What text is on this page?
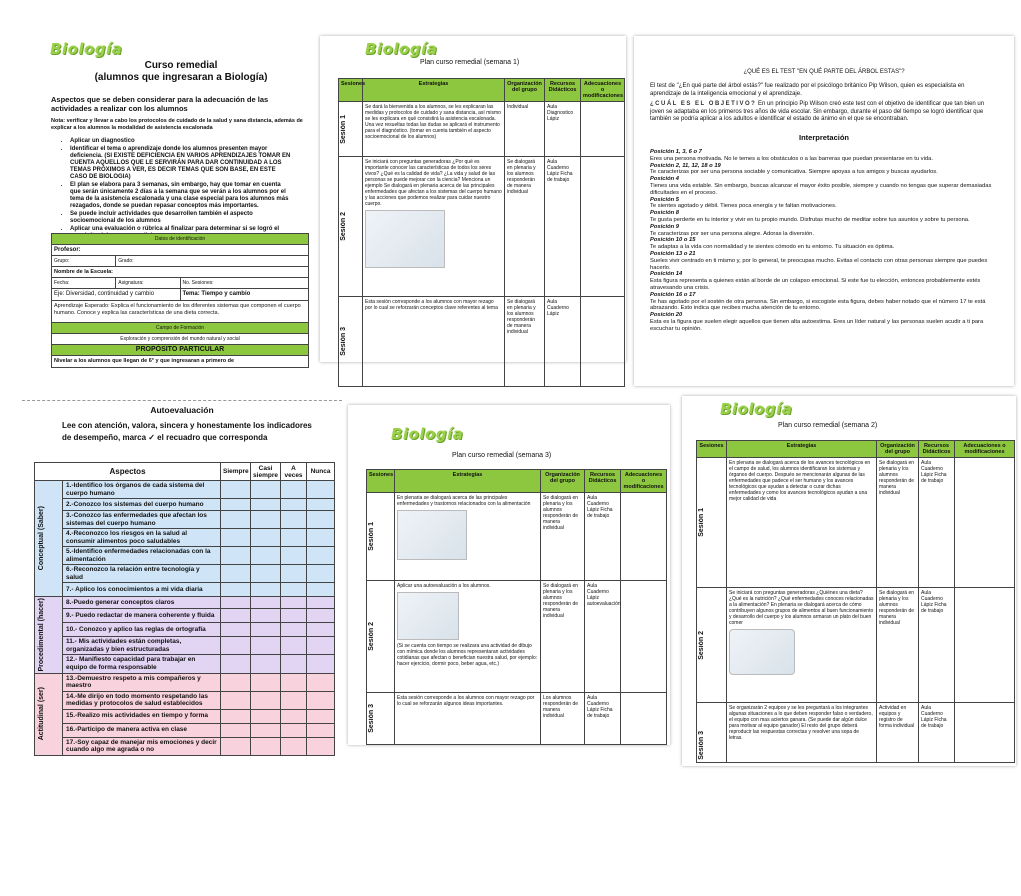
Biología
Curso remedial
(alumnos que ingresaran a Biología)
Aspectos que se deben considerar para la adecuación de las actividades a realizar con los alumnos
Nota: verificar y llevar a cabo los protocolos de cuidado de la salud y sana distancia, además de explicar a los alumnos la modalidad de asistencia escalonada
• Aplicar un diagnostico
• Identificar el tema o aprendizaje donde los alumnos presenten mayor deficiencia. (SI EXISTE DEFICIENCIA EN VARIOS APRENDIZAJES TOMAR EN CUENTA AQUELLOS QUE LE SERVIRÁN PARA DAR CONTINUIDAD A LOS TEMAS PRÓXIMOS A VER, ES DECIR TEMAS QUE SON BASE, EN ESTE CASO DE BIOLOGIA)
• El plan se elabora para 3 semanas, sin embargo, hay que tomar en cuenta que serán únicamente 2 días a la semana que se verán a los alumnos por el tema de la asistencia escalonada y una clase especial para los alumnos más rezagados, donde se puedan repasar conceptos más importantes.
• Se puede incluir actividades que desarrollen también el aspecto socioemocional de los alumnos
• Aplicar una evaluación o rúbrica al finalizar para determinar si se logró el
Datos de identificación		
Profesor:		
Grupo:	Grado:	
Nombre de la Escuela:		
Fecha:	Asignatura:	No. Sesiones:
Eje: Diversidad, continuidad y cambio		Tema: Tiempo y cambio
Aprendizaje Esperado: Explica el funcionamiento de los diferentes sistemas que componen el cuerpo humano. Conoce y explica las características de una dieta correcta.		
Campo de Formación		
Exploración y comprensión del mundo natural y social		
PROPÓSITO PARTICULAR		
Nivelar a los alumnos que llegan de 6° y que ingresaran a primero de		
Biología
Plan curso remedial (semana 1)
Sesiones	Estrategias	Organización del grupo	Recursos Didácticos	Adecuaciones o modificaciones

Sesión 1	Se dará la bienvenida a los alumnos, se les explicaran las medidas y protocolos de cuidado y sana distancia, así mismo se les explicara en qué consistirá la asistencia escalonada. Una vez resueltas todas las dudas se aplicará el instrumento para el diagnóstico. (tomar en cuenta también el aspecto socioemocional de los alumnos)	Individual	Aula Diagnostico Lápiz	

Sesión 2	Se iniciará con preguntas generadoras ¿Por qué es importante conocer las características de todos los seres vivos? ¿Qué es la calidad de vida? ¿La vida y salud de las personas se puede mejorar con la ciencia? Menciona un ejemplo Se dialogará en plenaria acerca de las principales enfermedades que afectan a los sistemas del cuerpo humano y las acciones que podemos realizar para cuidar nuestro cuerpo.	Se dialogará en plenaria y los alumnos responderán de manera individual	Aula Cuaderno Lápiz Ficha de trabajo	

Sesión 3	Esta sesión corresponde a los alumnos con mayor rezago por lo cual se reforzarán conceptos clave referentes al tema	Se dialogará en plenaria y los alumnos responderán de manera individual	Aula Cuaderno Lápiz	
¿QUÉ ES EL TEST "EN QUÉ PARTE DEL ÁRBOL ESTAS"?
El test de "¿En qué parte del árbol estás?" fue realizado por el psicólogo británico Pip Wilson, quien es especialista en aprendizaje de la inteligencia emocional y el aprendizaje.
¿CUÁL ES EL OBJETIVO? En un principio Pip Wilson creó este test con el objetivo de identificar que tan bien un joven se adaptaba en los primeros tres años de vida escolar. Sin embargo, durante el paso del tiempo se logró identificar que también se podría aplicar a los adultos e identificar el estado de ánimo en el que se encontraban.
Interpretación
Posición 1, 3, 6 o 7
Eres una persona motivada. No le temes a los obstáculos o a las barreras que puedan presentarse en tu vida.
Posición 2, 11, 12, 18 o 19
Te caracterizas por ser una persona sociable y comunicativa. Siempre apoyas a tus amigos y buscas ayudarlos.
Posición 4
Tienes una vida estable. Sin embargo, buscas alcanzar el mayor éxito posible, siempre y cuando no tengas que superar demasiadas dificultades en el proceso.
Posición 5
Te sientes agotado y débil. Tienes poca energía y te faltan motivaciones.
Posición 8
Te gusta perderte en tu interior y vivir en tu propio mundo. Disfrutas mucho de meditar sobre tus asuntos y sobre tu persona.
Posición 9
Te caracterizas por ser una persona alegre. Adoras la diversión.
Posición 10 o 15
Te adaptas a la vida con normalidad y te sientes cómodo en tu entorno. Tu situación es óptima.
Posición 13 o 21
Sueles vivir centrado en ti mismo y, por lo general, te preocupas mucho. Evitas el contacto con otras personas siempre que puedes hacerlo.
Posición 14
Esta figura representa a quienes están al borde de un colapso emocional. Si este fue tu elección, entonces probablemente estés atravesando una crisis.
Posición 16 o 17
Te has agotado por el sostén de otra persona. Sin embargo, si escogiste esta figura, debes haber notado que el número 17 te está abrazando. Esto indica que recibes mucha atención de tu entorno.
Posición 20
Esta es la figura que suelen elegir aquellos que tienen alta autoestima. Eres un líder natural y las personas suelen acudir a ti para escuchar tu opinión.
Autoevaluación
Lee con atención, valora, sincera y honestamente los indicadores de desempeño, marca ✓ el recuadro que corresponda
Aspectos		Siempre	Casi siempre	A veces	Nunca

Conceptual (Saber)	1.-Identifico los órganos de cada sistema del cuerpo humano				
	2.-Conozco los sistemas del cuerpo humano				
	3.-Conozco las enfermedades que afectan los sistemas del cuerpo humano				
	4.-Reconozco los riesgos en la salud al consumir alimentos poco saludables				
	5.-Identifico enfermedades relacionadas con la alimentación				
	6.-Reconozco la relación entre tecnología y salud				
	7.- Aplico los conocimientos a mi vida diaria				

Procedimental (hacer)	8.-Puedo generar conceptos claros				
	9.- Puedo redactar de manera coherente y fluida				
	10.- Conozco y aplico las reglas de ortografía				
	11.- Mis actividades están completas, organizadas y bien estructuradas				
	12.- Manifiesto capacidad para trabajar en equipo de forma responsable				

Actitudinal (ser)	13.-Demuestro respeto a mis compañeros y maestro				
	14.-Me dirijo en todo momento respetando las medidas y protocolos de salud establecidos				
	15.-Realizo mis actividades en tiempo y forma				
	16.-Participo de manera activa en clase				
	17.-Soy capaz de manejar mis emociones y decir cuando algo me agrada o no				
Biología
Plan curso remedial (semana 3)
Sesiones	Estrategias	Organización del grupo	Recursos Didácticos	Adecuaciones o modificaciones

Sesión 1	En plenaria se dialogará acerca de las principales enfermedades y trastornos relacionados con la alimentación	Se dialogará en plenaria y los alumnos responderán de manera individual	Aula Cuaderno Lápiz Ficha de trabajo	

Sesión 2	Aplicar una autoevaluación a los alumnos.
(Si se cuenta con tiempo se realizara una actividad de dibujo con mímica donde los alumnos representaran actividades cotidianas que afectan o benefician nuestra salud, por ejemplo: hacer ejercicio, dormir poco, beber agua, etc.)	Se dialogará en plenaria y los alumnos responderán de manera individual	Aula Cuaderno Lápiz autoevaluación	

Sesión 3	Esta sesión corresponde a los alumnos con mayor rezago por lo cual se reforzarán algunos ideas importantes.	Los alumnos responderán de manera individual	Aula Cuaderno Lápiz Ficha de trabajo	
Biología
Plan curso remedial (semana 2)
Sesiones	Estrategias	Organización del grupo	Recursos Didácticos	Adecuaciones o modificaciones

Sesión 1	En plenaria se dialogará acerca de los avances tecnológicos en el campo de salud, los alumnos identificaran los sistemas y órganos del cuerpo. Después se mencionarán algunas de las enfermedades que padece el ser humano y los avances tecnológicos que ayudan a detectar o curar dichas enfermedades y como los avances tecnológicos ayudan a una mejor calidad de vida	Se dialogará en plenaria y los alumnos responderán de manera individual	Aula Cuaderno Lápiz Ficha de trabajo	

Sesión 2	Se iniciará con preguntas generadoras ¿Quiénes una dieta? ¿Qué es la nutrición? ¿Qué enfermedades conoces relacionadas a la alimentación? En plenaria se dialogará acerca de cómo contribuyen algunos grupos de alimentos al buen funcionamiento y desarrollo del cuerpo y los alumnos armaran un plato del buen comer	Se dialogará en plenaria y los alumnos responderán de manera individual	Aula Cuaderno Lápiz Ficha de trabajo	

Sesión 3	Se organizarán 2 equipos y se les preguntará a los integrantes algunas situaciones a lo que deben responder falso o verdadero, el equipo con mas aciertos ganara. (Se puede dar algún dulce para motivar al equipo ganador) El resto del grupo deberá reproducir las respuestas correctas y resolver una sopa de letras.	Actividad en equipos y registro de forma individual	Aula Cuaderno Lápiz Ficha de trabajo	
